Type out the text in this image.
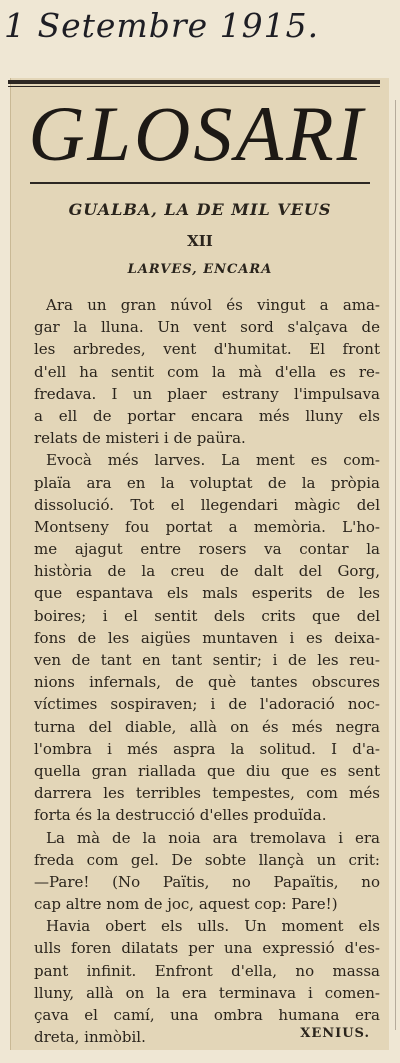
1 Setembre 1915.
GLOSARI
GUALBA, LA DE MIL VEUS
XII
LARVES, ENCARA
Ara un gran núvol és vingut a ama-
gar la lluna. Un vent sord s'alçava de
les arbredes, vent d'humitat. El front
d'ell ha sentit com la mà d'ella es re-
fredava. I un plaer estrany l'impulsava
a ell de portar encara més lluny els
relats de misteri i de paüra.
Evocà més larves. La ment es com-
plaïa ara en la voluptat de la pròpia
dissolució. Tot el llegendari màgic del
Montseny fou portat a memòria. L'ho-
me ajagut entre rosers va contar la
història de la creu de dalt del Gorg,
que espantava els mals esperits de les
boires; i el sentit dels crits que del
fons de les aigües muntaven i es deixa-
ven de tant en tant sentir; i de les reu-
nions infernals, de què tantes obscures
víctimes sospiraven; i de l'adoració noc-
turna del diable, allà on és més negra
l'ombra i més aspra la solitud. I d'a-
quella gran riallada que diu que es sent
darrera les terribles tempestes, com més
forta és la destrucció d'elles produïda.
La mà de la noia ara tremolava i era
freda com gel. De sobte llançà un crit:
—Pare! (No Païtis, no Papaïtis, no
cap altre nom de joc, aquest cop: Pare!)
Havia obert els ulls. Un moment els
ulls foren dilatats per una expressió d'es-
pant infinit. Enfront d'ella, no massa
lluny, allà on la era terminava i comen-
çava el camí, una ombra humana era
dreta, inmòbil.	XENIUS.
